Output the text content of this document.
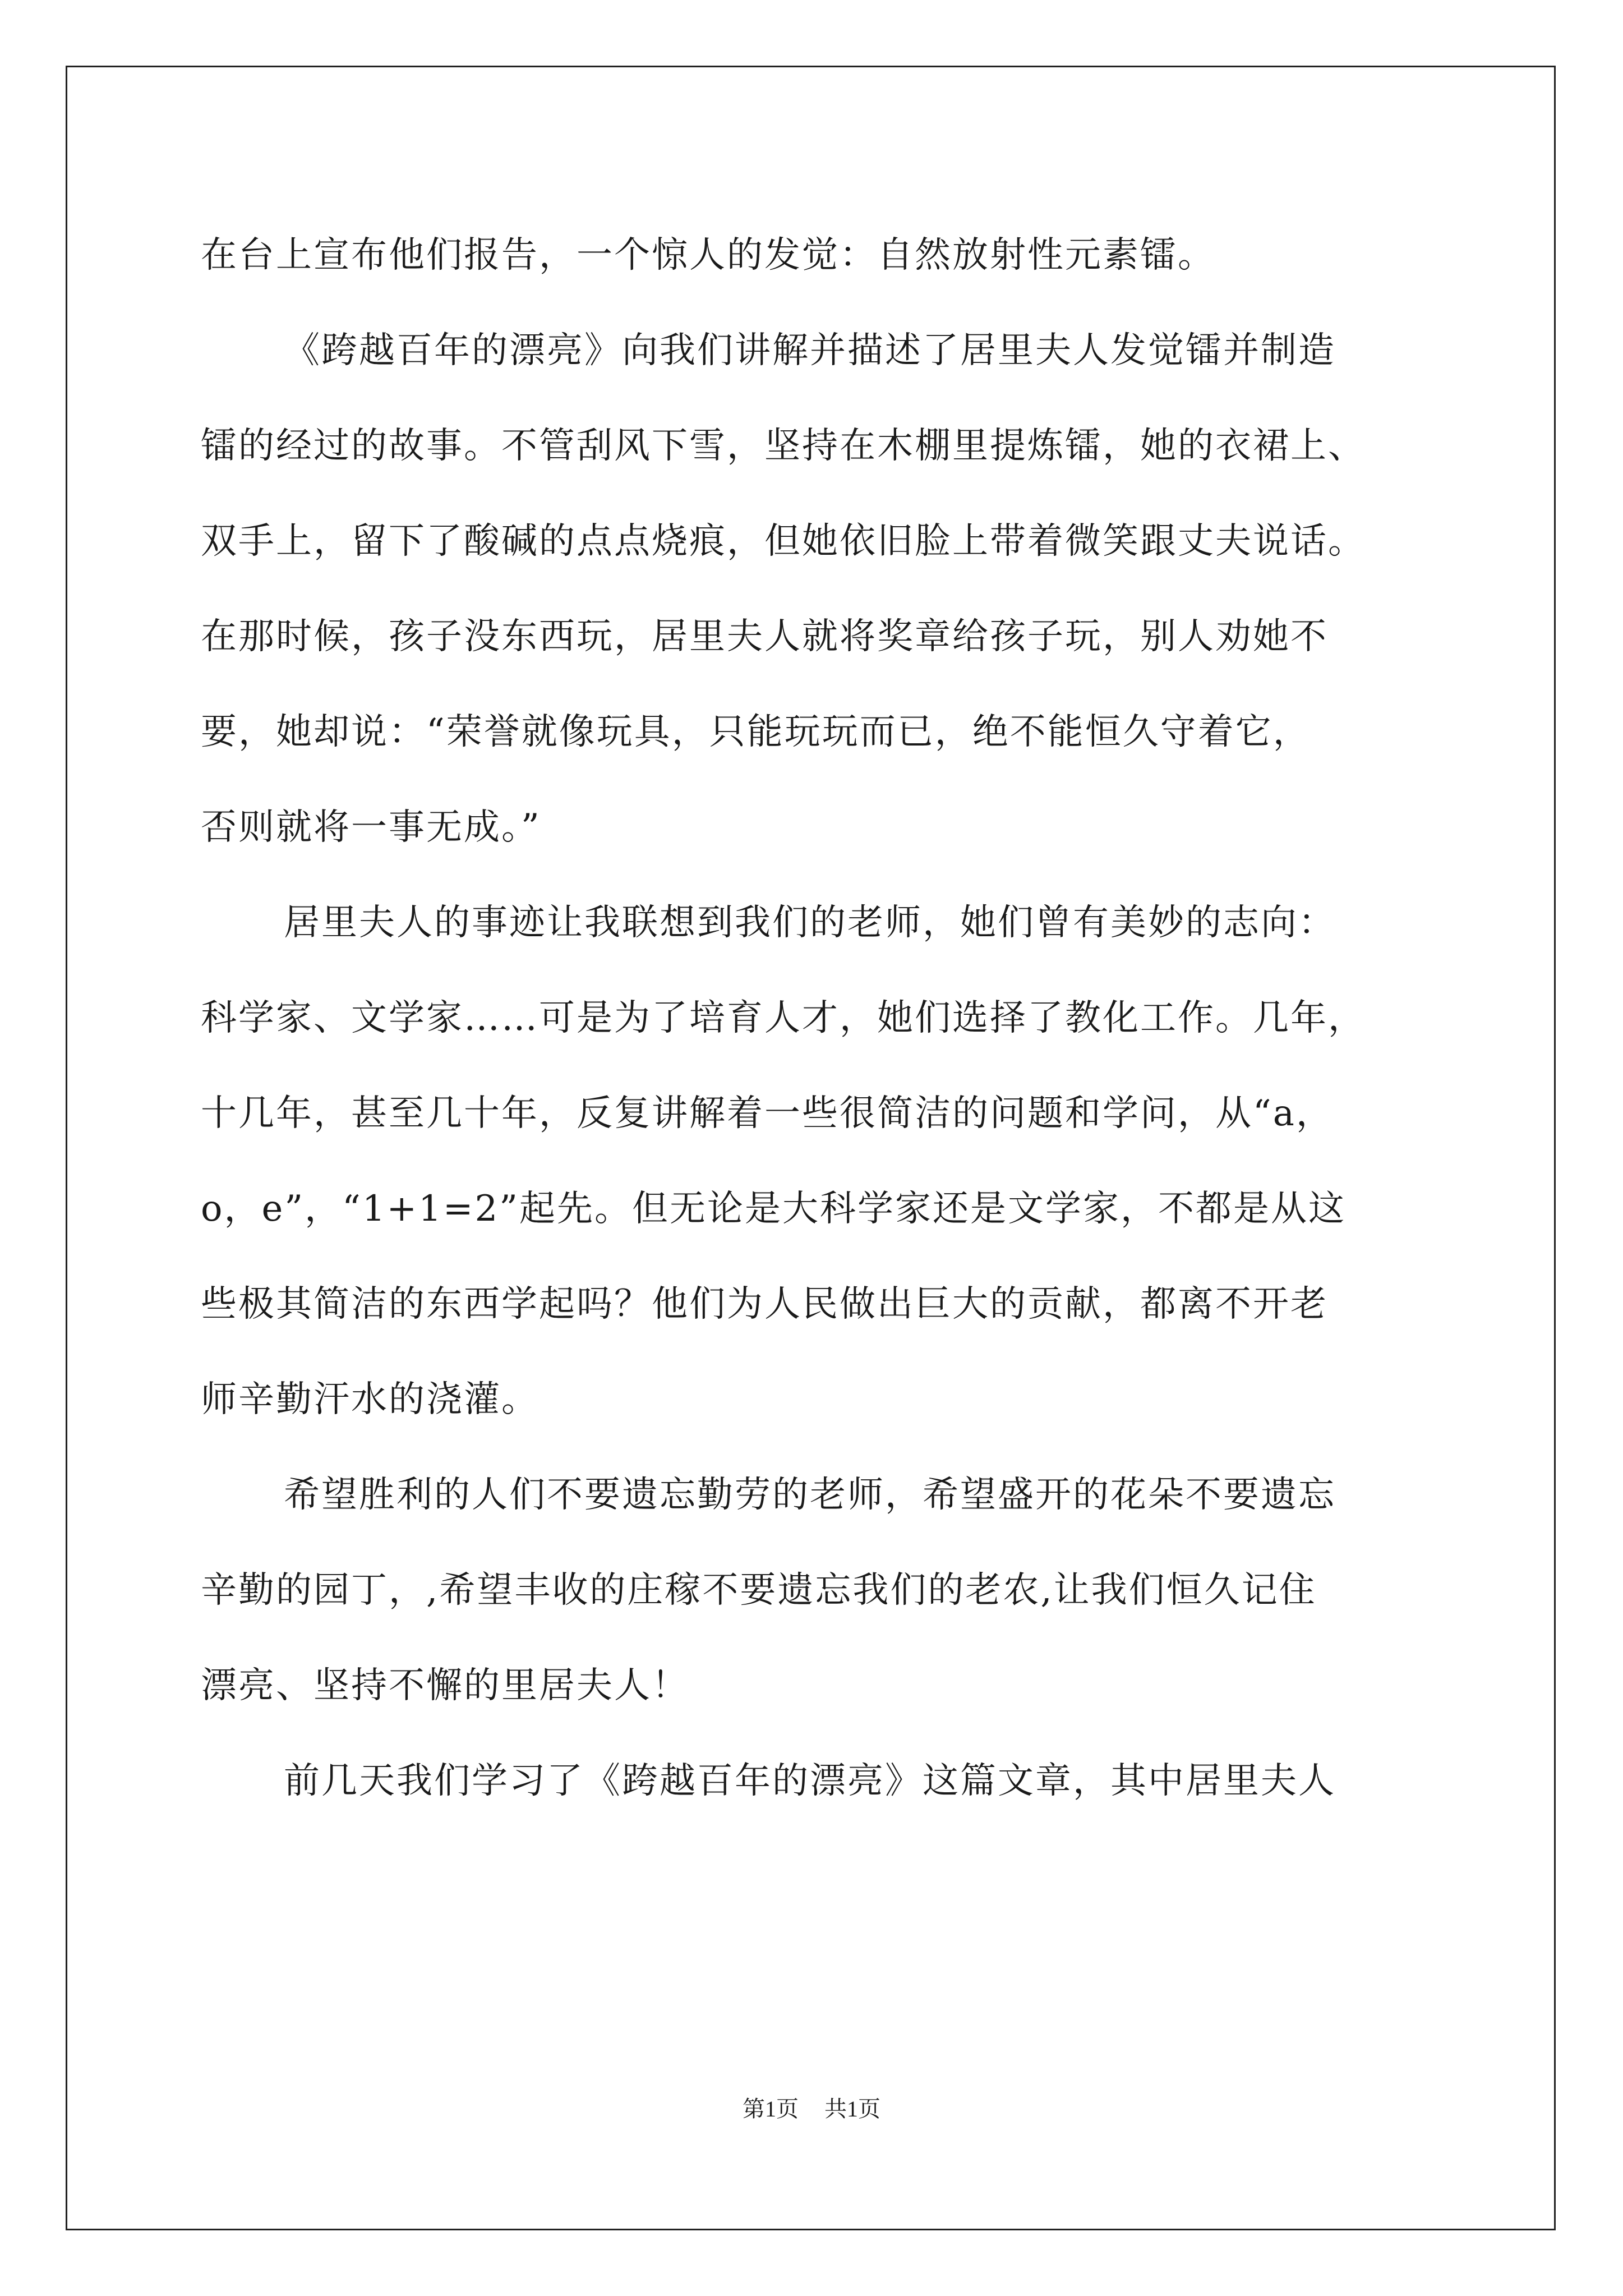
在台上宣布他们报告，一个惊人的发觉：自然放射性元素镭。
《跨越百年的漂亮》向我们讲解并描述了居里夫人发觉镭并制造
镭的经过的故事。不管刮风下雪，坚持在木棚里提炼镭，她的衣裙上、
双手上，留下了酸碱的点点烧痕，但她依旧脸上带着微笑跟丈夫说话。
在那时候，孩子没东西玩，居里夫人就将奖章给孩子玩，别人劝她不
要，她却说：“荣誉就像玩具，只能玩玩而已，绝不能恒久守着它，
否则就将一事无成。”
居里夫人的事迹让我联想到我们的老师，她们曾有美妙的志向：
科学家、文学家……可是为了培育人才，她们选择了教化工作。几年，
十几年，甚至几十年，反复讲解着一些很简洁的问题和学问，从“a，
o，e”，“1+1=2”起先。但无论是大科学家还是文学家，不都是从这
些极其简洁的东西学起吗？他们为人民做出巨大的贡献，都离不开老
师辛勤汗水的浇灌。
希望胜利的人们不要遗忘勤劳的老师，希望盛开的花朵不要遗忘
辛勤的园丁，,希望丰收的庄稼不要遗忘我们的老农,让我们恒久记住
漂亮、坚持不懈的里居夫人！
前几天我们学习了《跨越百年的漂亮》这篇文章，其中居里夫人
第1页 共1页
